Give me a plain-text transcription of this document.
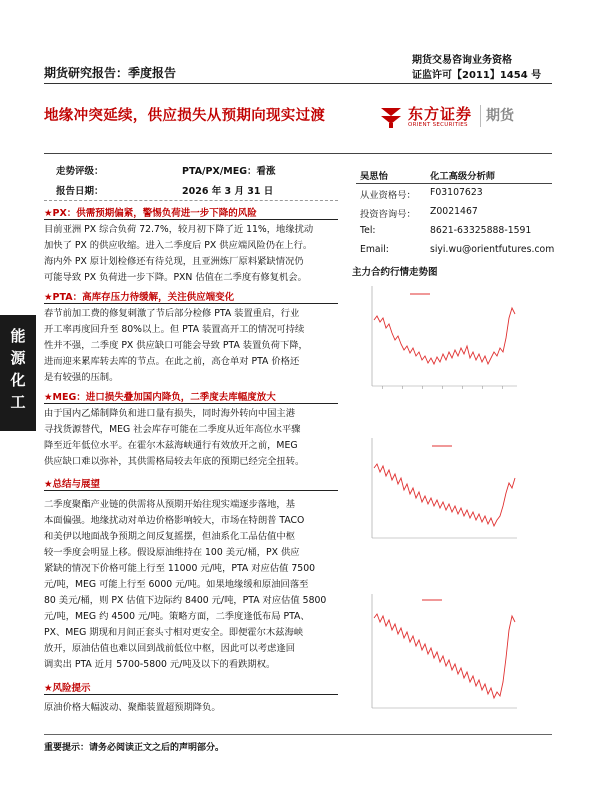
期货研究报告：季度报告
期货交易咨询业务资格
证监许可【2011】1454 号
地缘冲突延续，供应损失从预期向现实过渡	东方证券
ORIENT SECURITIES
期货
能
源
化
工
走势评级：	PTA/PX/MEG：看涨
报告日期：	2026 年 3 月 31 日
★PX：供需预期偏紧，警惕负荷进一步下降的风险
目前亚洲 PX 综合负荷 72.7%，较月初下降了近 11%，地缘扰动
加快了 PX 的供应收缩。进入二季度后 PX 供应端风险仍在上行。
海内外 PX 原计划检修还有待兑现，且亚洲炼厂原料紧缺情况仍
可能导致 PX 负荷进一步下降。PXN 估值在二季度有修复机会。
★PTA：高库存压力待缓解，关注供应端变化
春节前加工费的修复刺激了节后部分检修 PTA 装置重启，行业
开工率再度回升至 80%以上。但 PTA 装置高开工的情况可持续
性并不强，二季度 PX 供应缺口可能会导致 PTA 装置负荷下降，
进而迎来累库转去库的节点。在此之前，高仓单对 PTA 价格还
是有较强的压制。
★MEG：进口损失叠加国内降负，二季度去库幅度放大
由于国内乙烯制降负和进口量有损失，同时海外转向中国主港
寻找货源替代，MEG 社会库存可能在二季度从近年高位水平骤
降至近年低位水平。在霍尔木兹海峡通行有效放开之前，MEG
供应缺口难以弥补，其供需格局较去年底的预期已经完全扭转。
★总结与展望
二季度聚酯产业链的供需将从预期开始往现实端逐步落地，基
本面偏强。地缘扰动对单边价格影响较大，市场在特朗普 TACO
和美伊以地面战争预期之间反复摇摆，但油系化工品估值中枢
较一季度会明显上移。假设原油维持在 100 美元/桶，PX 供应
紧缺的情况下价格可能上行至 11000 元/吨，PTA 对应估值 7500
元/吨，MEG 可能上行至 6000 元/吨。如果地缘缓和原油回落至
80 美元/桶，则 PX 估值下边际约 8400 元/吨，PTA 对应估值 5800
元/吨，MEG 约 4500 元/吨。策略方面，二季度逢低布局 PTA、
PX、MEG 期现和月间正套头寸相对更安全。即便霍尔木兹海峡
放开，原油估值也难以回到战前低位中枢，因此可以考虑逢回
调卖出 PTA 近月 5700-5800 元/吨及以下的看跌期权。
★风险提示
原油价格大幅波动、聚酯装置超预期降负。
吴思怡	化工高级分析师
从业资格号： F03107623
投资咨询号： Z0021467
Tel:	8621-63325888-1591
Email:	siyi.wu@orientfutures.com
主力合约行情走势图
重要提示：请务必阅读正文之后的声明部分。
